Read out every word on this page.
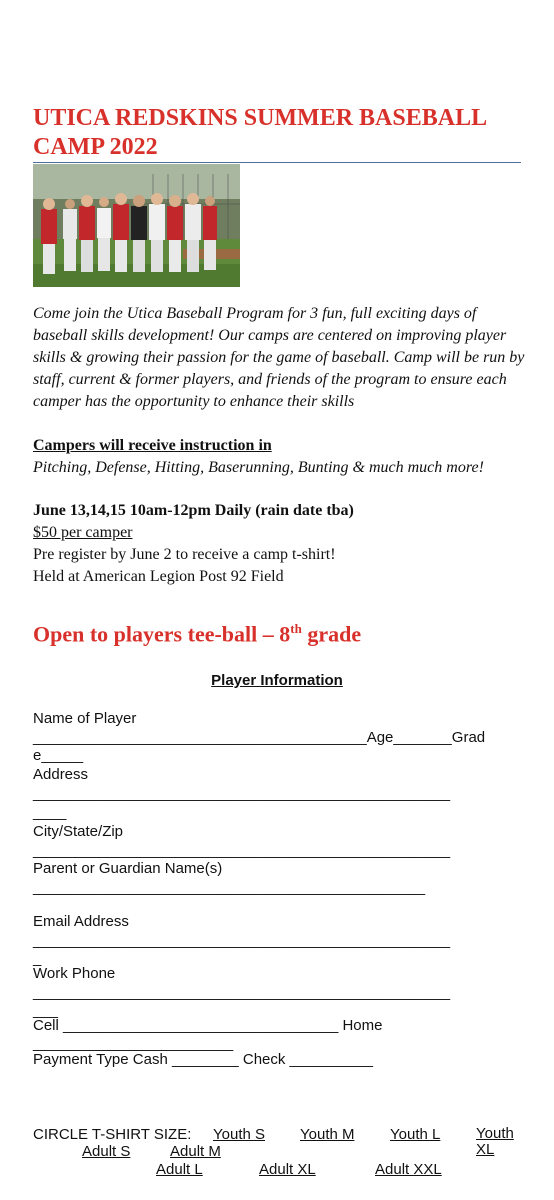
UTICA REDSKINS SUMMER BASEBALL CAMP 2022

Come join the Utica Baseball Program for 3 fun, full exciting days of baseball skills development! Our camps are centered on improving player skills & growing their passion for the game of baseball. Camp will be run by staff, current & former players, and friends of the program to ensure each camper has the opportunity to enhance their skills

Campers will receive instruction in
Pitching, Defense, Hitting, Baserunning, Bunting & much much more!
June 13,14,15 10am-12pm Daily (rain date tba)
$50 per camper
Pre register by June 2 to receive a camp t-shirt!
Held at American Legion Post 92 Field
Open to players tee-ball – 8th grade
Player Information
Name of Player
________________________________________Age_______Grad
e_____
Address
__________________________________________________
____
City/State/Zip
__________________________________________________
Parent or Guardian Name(s)
_______________________________________________
Email Address
__________________________________________________
_
Work Phone
__________________________________________________
___
Cell _________________________________ Home
________________________
Payment Type Cash ________ Check __________
CIRCLE T-SHIRT SIZE: Youth S Youth M Youth L Youth XL
Adult S	Adult M
Adult L	Adult XL	Adult XXL
